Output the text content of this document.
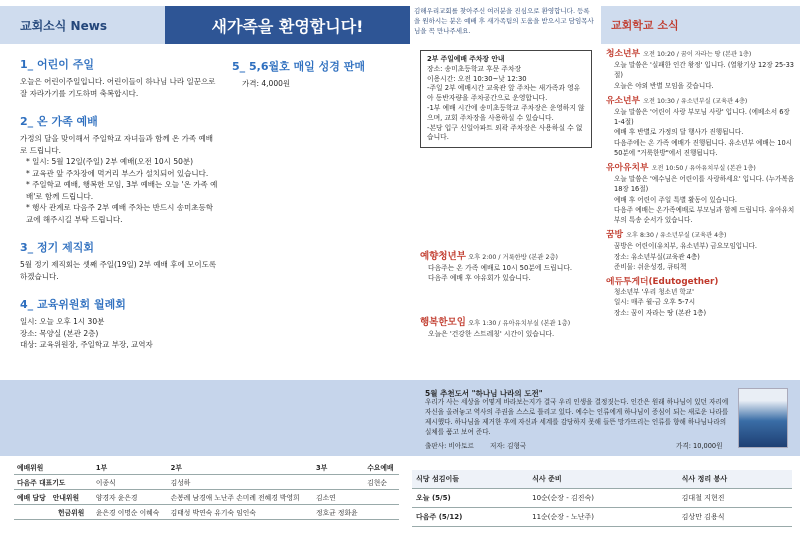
교회소식 News	새가족을 환영합니다!
김해우리교회를 찾아주신 여러분을 진심으로 환영합니다. 등록을 원하시는 분은 예배 후 새가족팀의 도움을 받으시고 담임목사님을 꼭 만나주세요.	교회학교 소식
1_ 어린이 주일
오늘은 어린이주일입니다. 어린이들이 하나님 나라 일꾼으로 잘 자라가기를 기도하며 축복합시다.
2_ 온 가족 예배
가정의 달을 맞이해서 주일학교 자녀들과 함께 온 가족 예배로 드립니다.
* 일시: 5월 12일(주일) 2부 예배(오전 10시 50분)
* 교육관 앞 주차장에 먹거리 부스가 설치되어 있습니다.
* 주일학교 예배, 행복한 모임, 3부 예배는 오늘 '온 가족 예배'로 함께 드립니다.
* 행사 관계로 다음주 2부 예배 주차는 반드시 송미초등학교에 해주시길 부탁 드립니다.
3_ 정기 제직회
5월 정기 제직회는 셋째 주일(19일) 2부 예배 후에 모이도록 하겠습니다.
4_ 교육위원회 월례회
일시: 오늘 오후 1시 30분
장소: 목양실 (본관 2층)
대상: 교육위원장, 주일학교 부장, 교역자
5_ 5,6월호 매일 성경 판매
가격: 4,000원
2부 주일예배 주차장 안내
장소: 송미초등학교 후문 주차장
이용시간: 오전 10:30~낮 12:30
-주일 2부 예배시간 교육관 앞 주차는 새가족과 영유아 동반자량을 주차공간으로 운영합니다.
-1부 예배 시간에 송미초등학교 주차장은 운영하지 않으며, 교회 주차장을 사용하실 수 있습니다.
-본당 입구 신일아파트 외곽 주차장은 사용하실 수 없습니다.
예향청년부 오후 2:00 / 거룩한방 (본관 2층)
다음주는 온 가족 예배로 10시 50분에 드립니다.
다음주 예배 후 야유회가 있습니다.
행복한모임 오후 1:30 / 유아유치부실 (본관 1층)
오늘은 '건강한 스트레칭' 시간이 있습니다.
청소년부 오전 10:20 / 꿈이 자라는 땅 (본관 1층)
오늘 말씀은 '실패한 인간 왕정' 입니다. (열왕기상 12장 25-33절)
오늘은 야외 반별 모임을 갖습니다.
유소년부 오전 10:30 / 유소년부실 (교육관 4층)
오늘 말씀은 '어린이 사랑 부모님 사랑' 입니다. (에베소서 6장 1-4절)
예배 후 반별로 가정의 달 행사가 진행됩니다.
다음주에는 온 가족 예배가 진행됩니다. 유소년부 예배는 10시 50분에 "거룩한방"에서 진행됩니다.
유아유치부 오전 10:50 / 유아유치부실 (본관 1층)
오늘 말씀은 '예수님은 어린이를 사랑하세요' 입니다. (누가복음 18장 16절)
예배 후 어린이 주일 특별 활동이 있습니다.
다음주 예배는 온가족예배로 부모님과 함께 드립니다. 유아유치부의 특송 순서가 있습니다.
꿈방 오후 8:30 / 유소년부실 (교육관 4층)
꿈방은 어린이(유치부, 유소년부) 금요모임입니다.
장소: 유소년부실(교육관 4층)
준비물: 쉬운성경, 큐티책
에듀투게더(Edutogether)
청소년부 '우리 청소년 학교'
일시: 매주 월-금 오후 5-7시
장소: 꿈이 자라는 땅 (본관 1층)
5월 추천도서 "하나님 나라의 도전"
우리가 사는 세상을 어떻게 바라보는지가 결국 우리 인생을 결정짓는다. 인간은 원래 하나님이 있던 자리에 자신을 올려놓고 역사의 주권을 스스로 틀리고 있다. 예수는 인류에게 하나님이 증심이 되는 새로운 나라를 제시했다. 하나님을 제거한 후에 자신과 세계를 감당하지 못해 들뜬 망가뜨리는 인류를 향해 하나님나라의 실체를 품고 보여 준다.
출판사: 비아토르 저자: 김형국	가격: 10,000원
예배위원	1부	2부	3부	수요예배
다음주 대표기도	이종식	김성하		김현순
예배 담당 안내위원	양경자 윤은경	손봉례 남경애 노난주 손미례 전혜경 박영희	김소연	
헌금위원	윤은경 이명순 이혜숙	김태성 박연숙 유기숙 임인숙	정호균 정화윤	
식당 섬김이들	식사 준비	식사 정리 봉사
오늘 (5/5)	10순(순장 - 김진숙)	김대철 지현진
다음주 (5/12)	11순(순장 - 노난주)	김상만 김용식
